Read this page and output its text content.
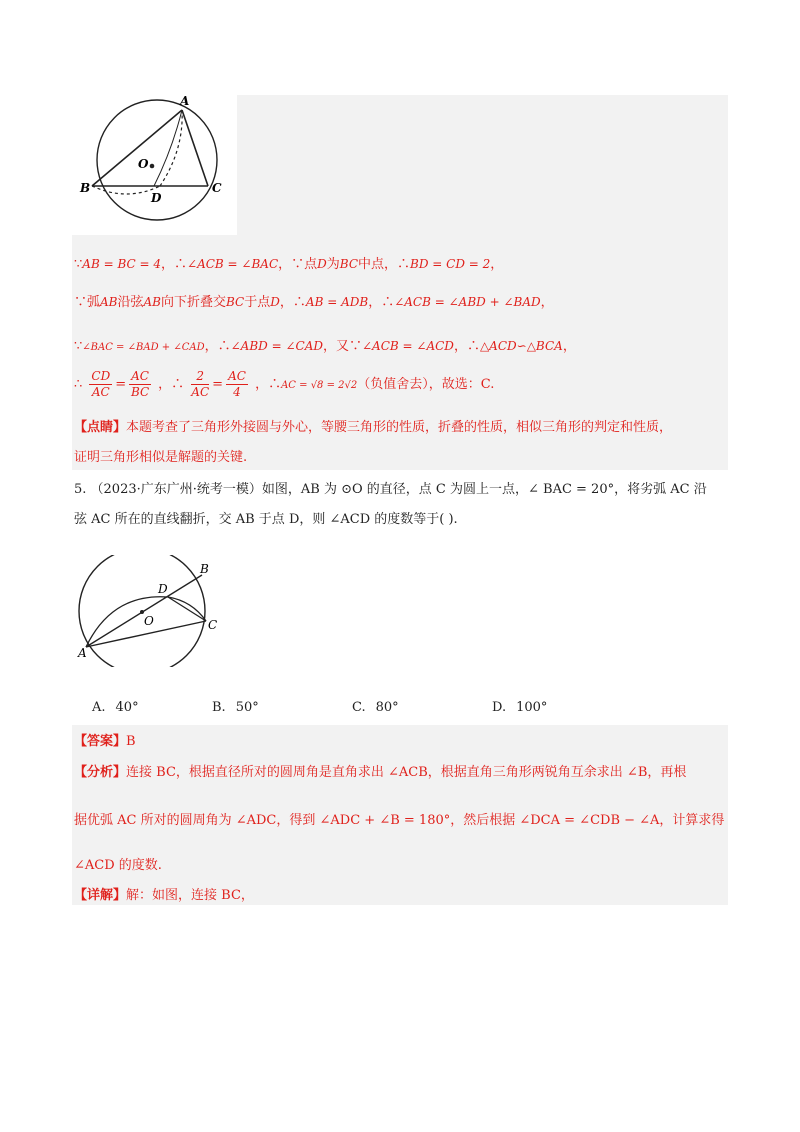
A
B	C
D
O
∵AB = BC = 4，∴∠ACB = ∠BAC，∵点D为BC中点，∴BD = CD = 2，
∵弧AB沿弦AB向下折叠交BC于点D，∴AB = ADB，∴∠ACB = ∠ABD + ∠BAD，
∵∠BAC = ∠BAD + ∠CAD，∴∠ABD = ∠CAD，又∵∠ACB = ∠ACD，∴△ACD∽△BCA，
∴ $\frac{CD}{AC} = \frac{AC}{BC}$ ，∴ $\frac{2}{AC} = \frac{AC}{4}$ ，∴AC = √8 = 2√2（负值舍去），故选：C.
【点睛】本题考查了三角形外接圆与外心，等腰三角形的性质，折叠的性质，相似三角形的判定和性质，
证明三角形相似是解题的关键.
5. （2023·广东广州·统考一模）如图，AB 为 ⊙O 的直径，点 C 为圆上一点，∠ BAC = 20°，将劣弧 AC 沿
弦 AC 所在的直线翻折，交 AB 于点 D，则 ∠ACD 的度数等于( ).
A
B
C
D
O
A. 40°	B. 50°	C. 80°	D. 100°
【答案】B
【分析】连接 BC，根据直径所对的圆周角是直角求出 ∠ACB，根据直角三角形两锐角互余求出 ∠B，再根
据优弧 AC 所对的圆周角为 ∠ADC，得到 ∠ADC + ∠B = 180°，然后根据 ∠DCA = ∠CDB − ∠A，计算求得
∠ACD 的度数.
【详解】解：如图，连接 BC，
